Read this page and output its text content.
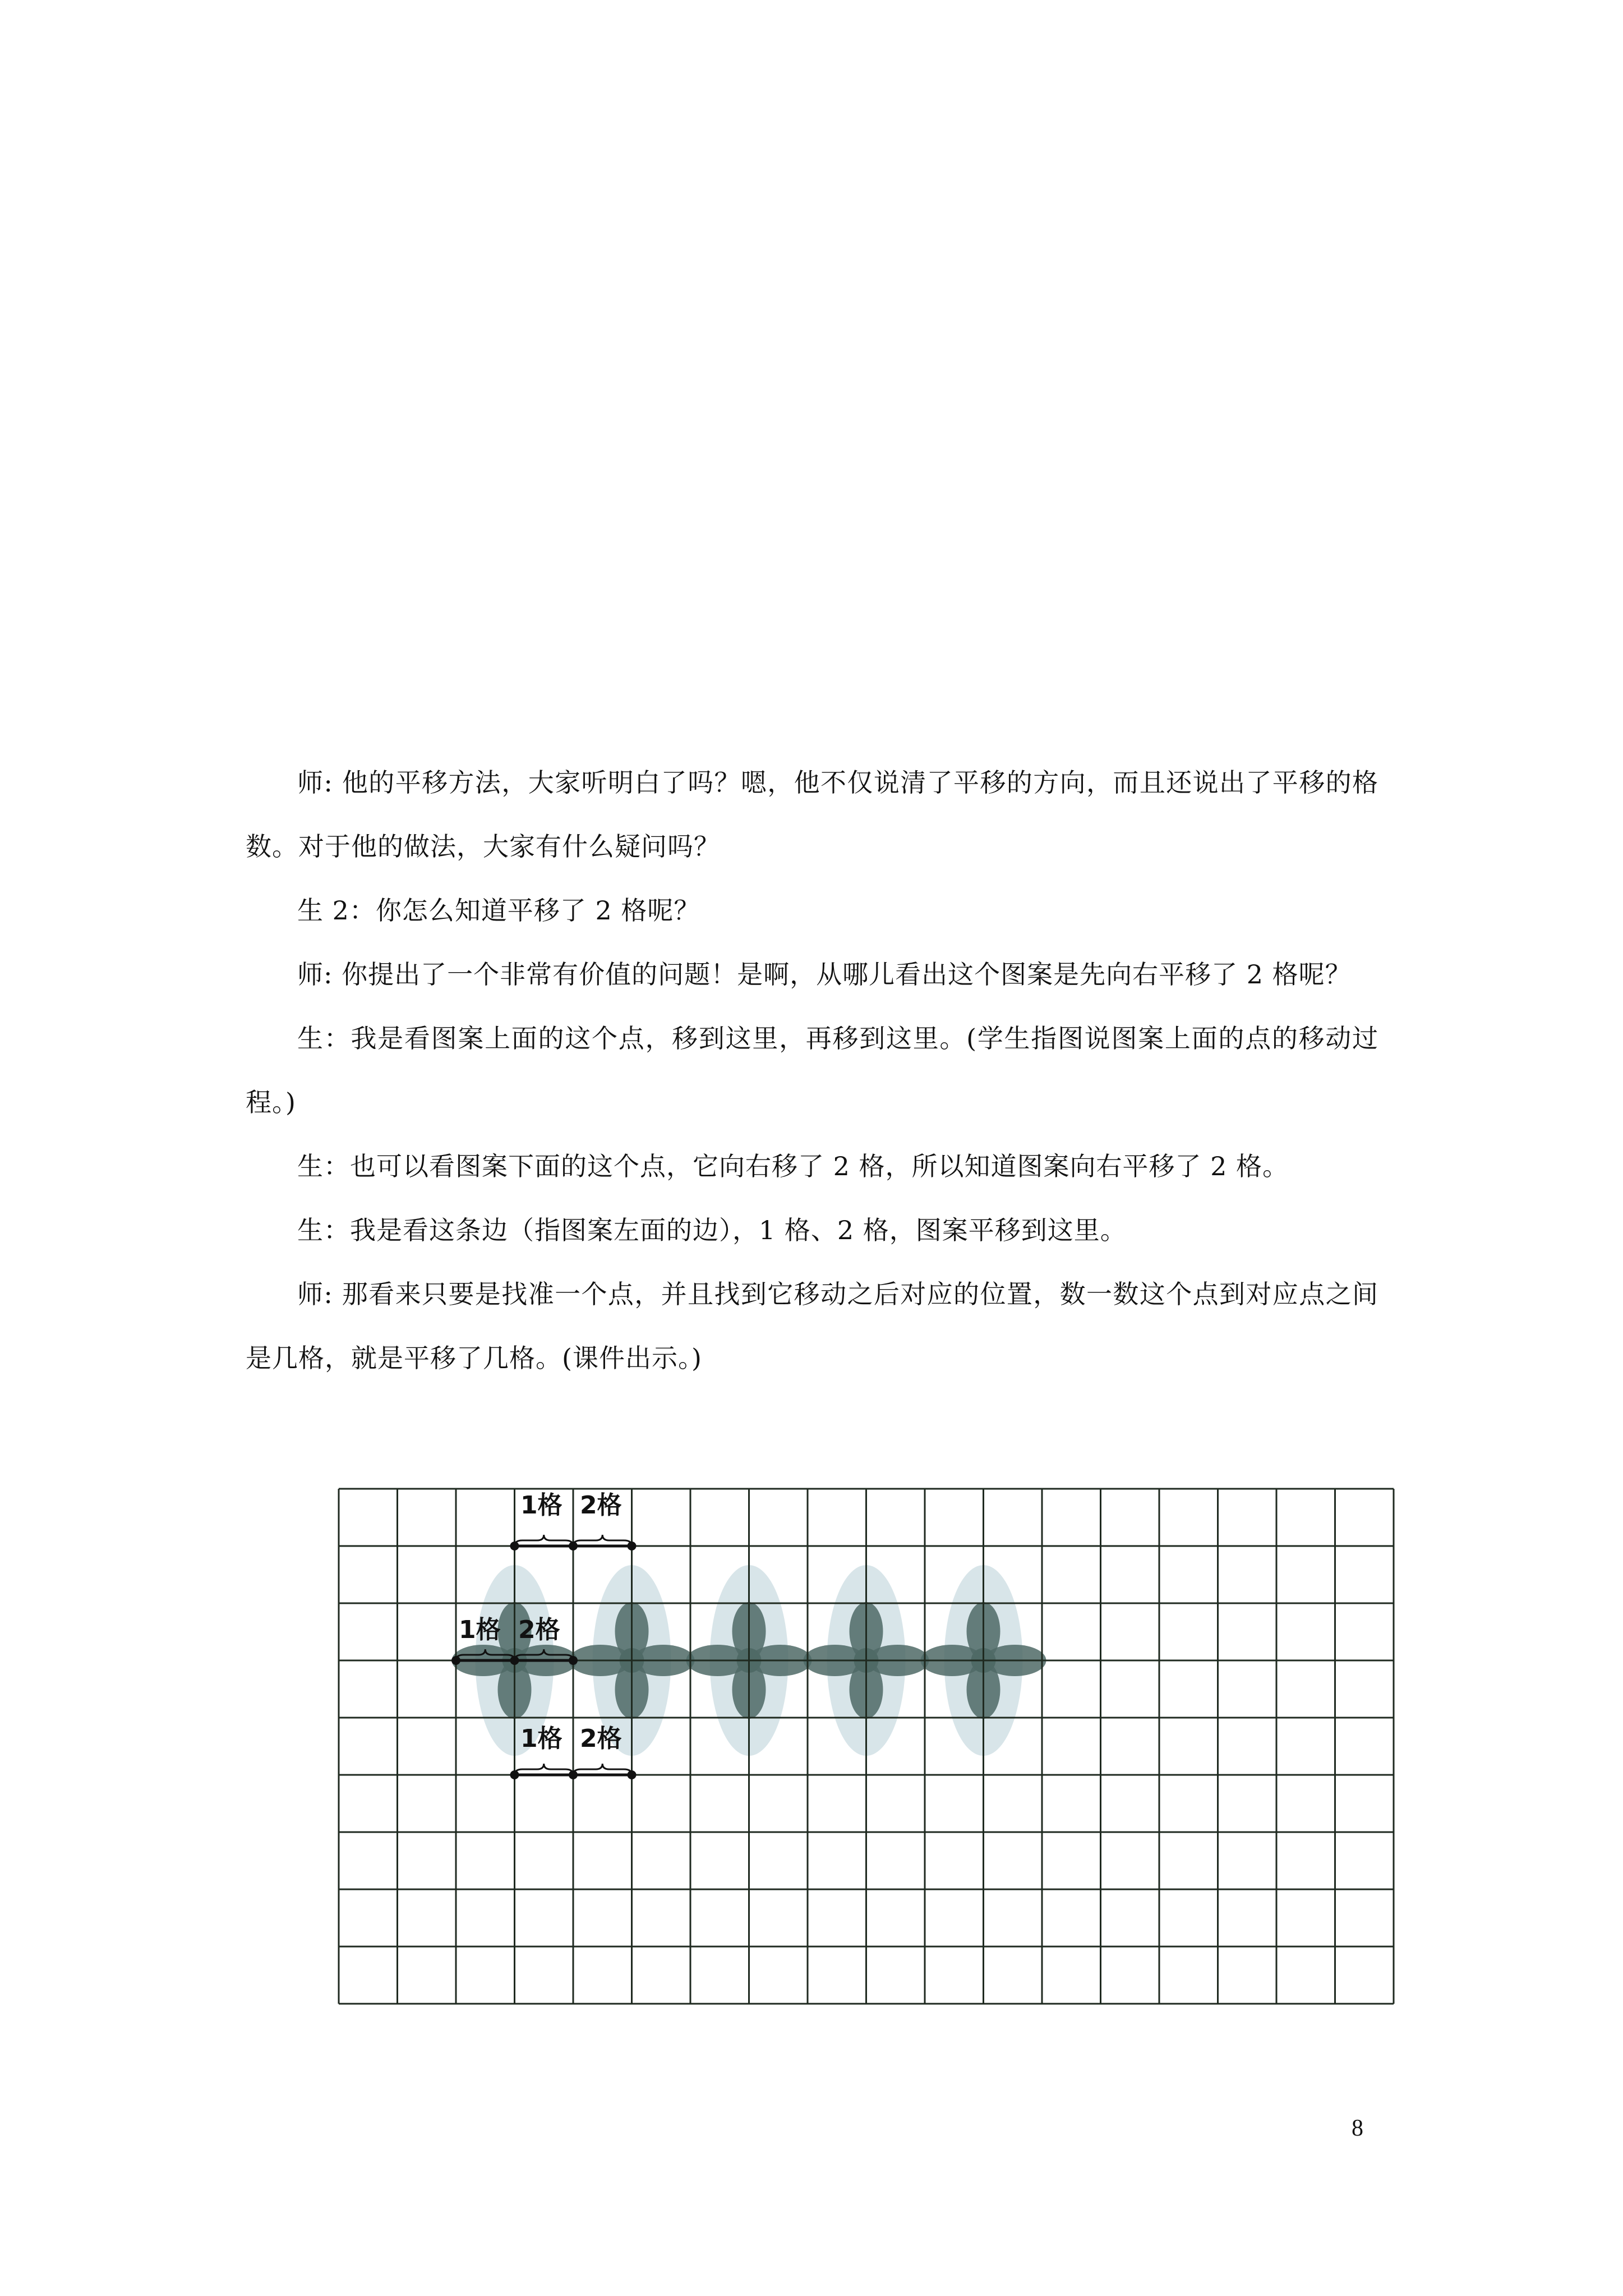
师: 他的平移方法，大家听明白了吗？嗯，他不仅说清了平移的方向，而且还说出了平移的格数。对于他的做法，大家有什么疑问吗？

生 2：你怎么知道平移了 2 格呢？

师: 你提出了一个非常有价值的问题！是啊，从哪儿看出这个图案是先向右平移了 2 格呢？

生：我是看图案上面的这个点，移到这里，再移到这里。(学生指图说图案上面的点的移动过程。)

生：也可以看图案下面的这个点，它向右移了 2 格，所以知道图案向右平移了 2 格。

生：我是看这条边（指图案左面的边），1 格、2 格，图案平移到这里。

师: 那看来只要是找准一个点，并且找到它移动之后对应的位置，数一数这个点到对应点之间是几格，就是平移了几格。(课件出示。)

1格 2格
1格 2格
1格 2格
8
